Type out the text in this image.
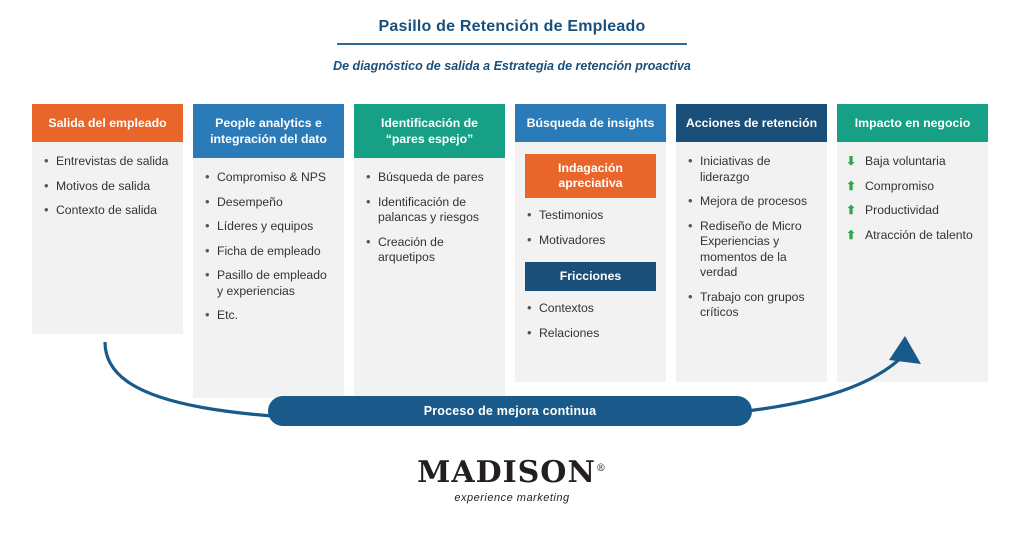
Pasillo de Retención de Empleado
De diagnóstico de salida a Estrategia de retención proactiva
Salida del empleado
• Entrevistas de salida
• Motivos de salida
• Contexto de salida
People analytics e integración del dato
• Compromiso & NPS
• Desempeño
• Líderes y equipos
• Ficha de empleado
• Pasillo de empleado y experiencias
• Etc.
Identificación de “pares espejo”
• Búsqueda de pares
• Identificación de palancas y riesgos
• Creación de arquetipos
Búsqueda de insights
Indagación apreciativa
• Testimonios
• Motivadores
Fricciones
• Contextos
• Relaciones
Acciones de retención
• Iniciativas de liderazgo
• Mejora de procesos
• Rediseño de Micro Experiencias y momentos de la verdad
• Trabajo con grupos críticos
Impacto en negocio
⬇ Baja voluntaria
⬆ Compromiso
⬆ Productividad
⬆ Atracción de talento
Proceso de mejora continua
MADISON®
experience marketing
